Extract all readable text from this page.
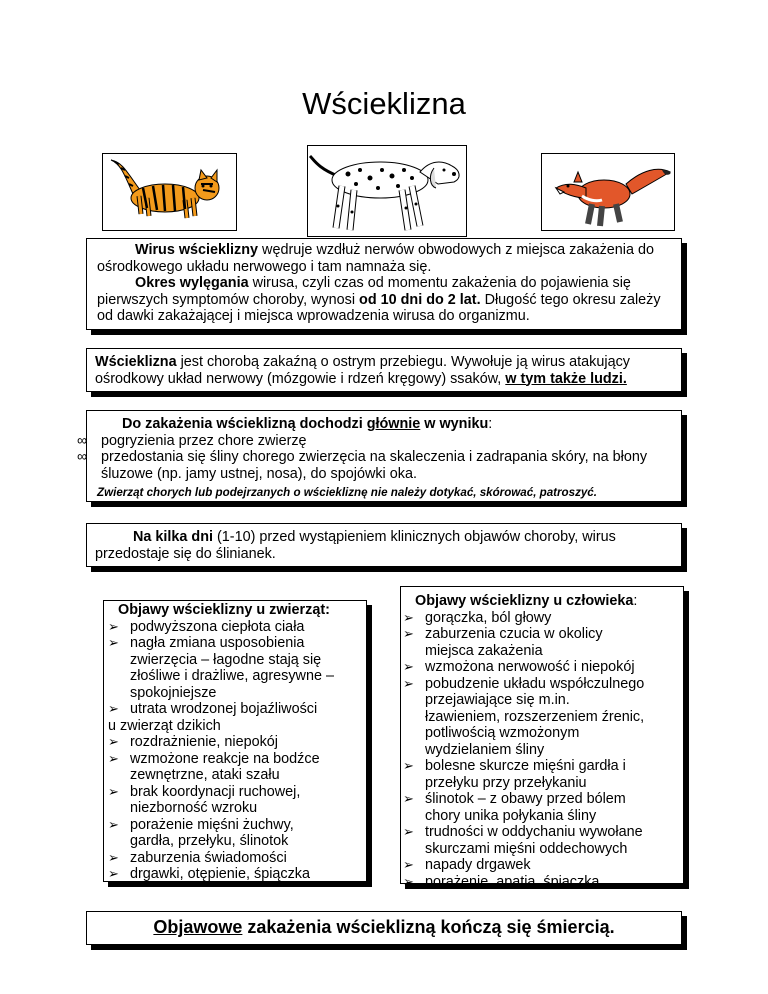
Wścieklizna
Wirus wścieklizny wędruje wzdłuż nerwów obwodowych z miejsca zakażenia do ośrodkowego układu nerwowego i tam namnaża się.
Okres wylęgania wirusa, czyli czas od momentu zakażenia do pojawienia się pierwszych symptomów choroby, wynosi od 10 dni do 2 lat. Długość tego okresu zależy od dawki zakażającej i miejsca wprowadzenia wirusa do organizmu.
Wścieklizna jest chorobą zakaźną o ostrym przebiegu. Wywołuje ją wirus atakujący ośrodkowy układ nerwowy (mózgowie i rdzeń kręgowy) ssaków, w tym także ludzi.
Do zakażenia wścieklizną dochodzi głównie w wyniku:
∞ pogryzienia przez chore zwierzę
∞ przedostania się śliny chorego zwierzęcia na skaleczenia i zadrapania skóry, na błony śluzowe (np. jamy ustnej, nosa), do spojówki oka.
Zwierząt chorych lub podejrzanych o wściekliznę nie należy dotykać, skórować, patroszyć.
Na kilka dni (1-10) przed wystąpieniem klinicznych objawów choroby, wirus przedostaje się do ślinianek.
Objawy wścieklizny u zwierząt:
➢ podwyższona ciepłota ciała
➢ nagła zmiana usposobienia
zwierzęcia – łagodne stają się
złośliwe i drażliwe, agresywne –
spokojniejsze
➢ utrata wrodzonej bojaźliwości
u zwierząt dzikich
➢ rozdrażnienie, niepokój
➢ wzmożone reakcje na bodźce
zewnętrzne, ataki szału
➢ brak koordynacji ruchowej,
niezborność wzroku
➢ porażenie mięśni żuchwy,
gardła, przełyku, ślinotok
➢ zaburzenia świadomości
➢ drgawki, otępienie, śpiączka
Objawy wścieklizny u człowieka:
➢ gorączka, ból głowy
➢ zaburzenia czucia w okolicy
miejsca zakażenia
➢ wzmożona nerwowość i niepokój
➢ pobudzenie układu współczulnego
przejawiające się m.in.
łzawieniem, rozszerzeniem źrenic,
potliwością wzmożonym
wydzielaniem śliny
➢ bolesne skurcze mięśni gardła i
przełyku przy przełykaniu
➢ ślinotok – z obawy przed bólem
chory unika połykania śliny
➢ trudności w oddychaniu wywołane
skurczami mięśni oddechowych
➢ napady drgawek
➢ porażenie, apatia, śpiączka
Objawowe zakażenia wścieklizną kończą się śmiercią.
